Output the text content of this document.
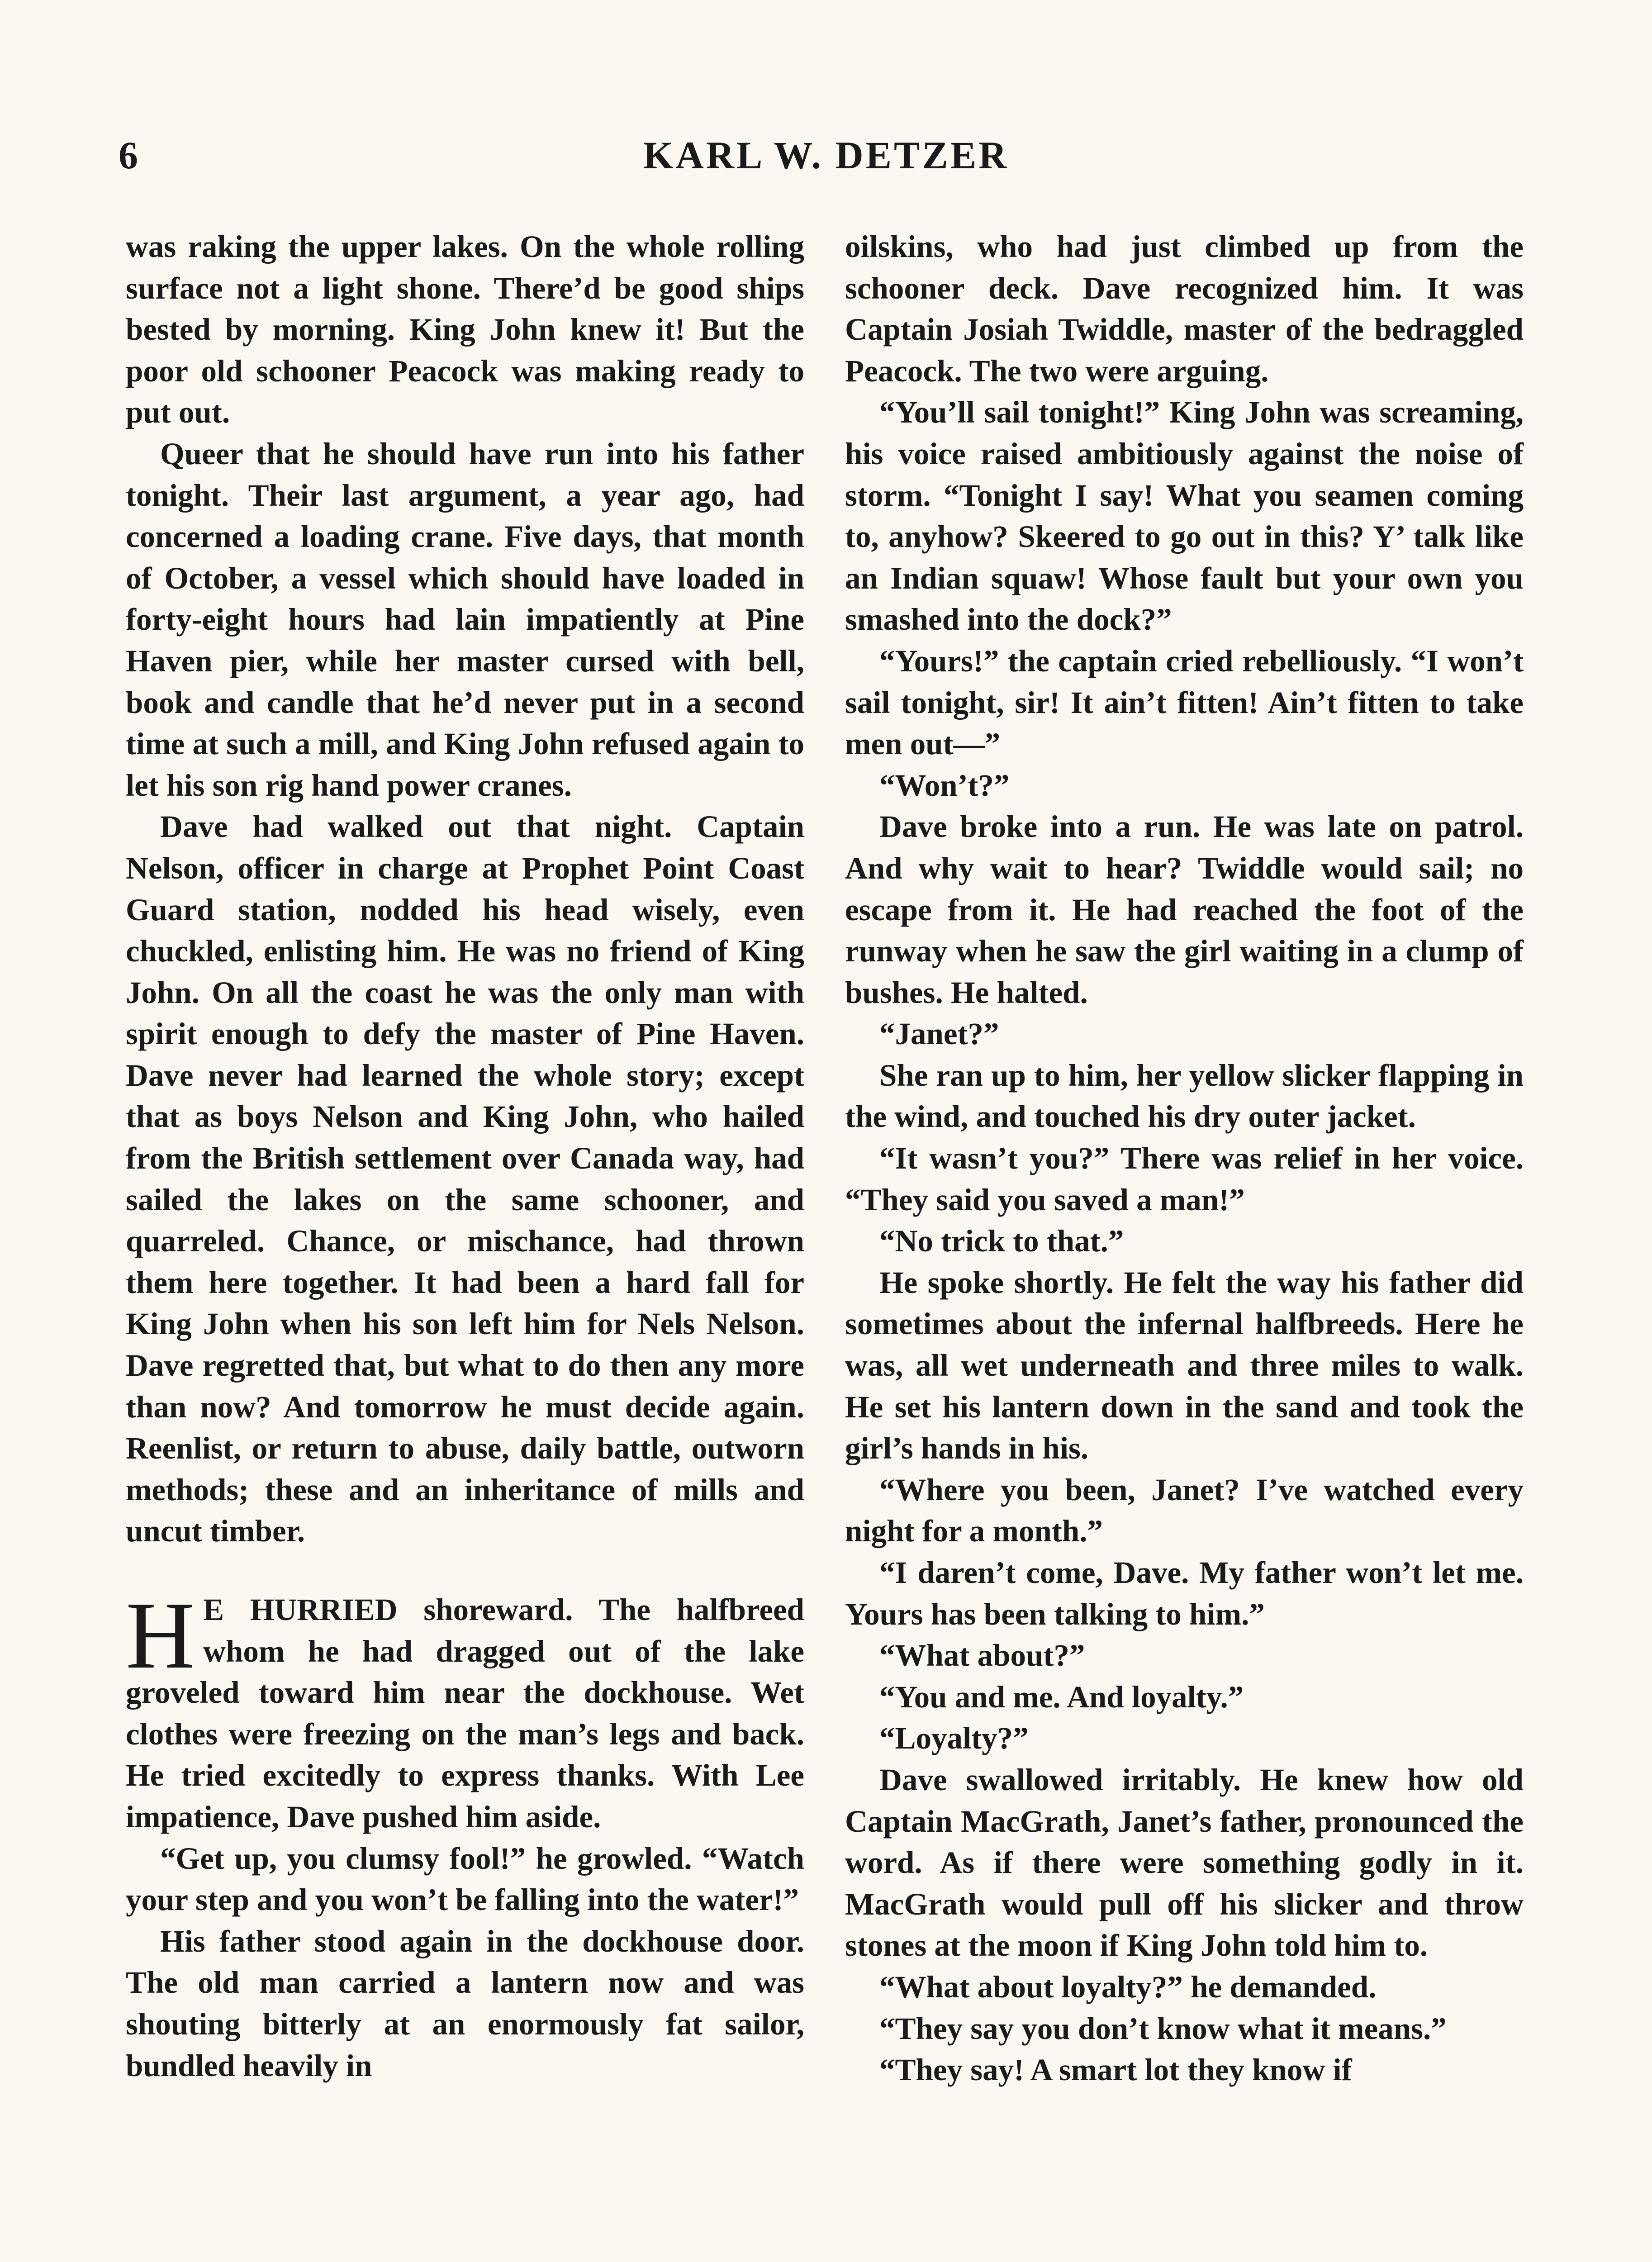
6	KARL W. DETZER

was raking the upper lakes. On the whole rolling surface not a light shone. There’d be good ships bested by morning. King John knew it! But the poor old schooner Peacock was making ready to put out.

Queer that he should have run into his father tonight. Their last argument, a year ago, had concerned a loading crane. Five days, that month of October, a vessel which should have loaded in forty-eight hours had lain impatiently at Pine Haven pier, while her master cursed with bell, book and candle that he’d never put in a second time at such a mill, and King John refused again to let his son rig hand power cranes.

Dave had walked out that night. Captain Nelson, officer in charge at Prophet Point Coast Guard station, nodded his head wisely, even chuckled, enlisting him. He was no friend of King John. On all the coast he was the only man with spirit enough to defy the master of Pine Haven. Dave never had learned the whole story; except that as boys Nelson and King John, who hailed from the British settlement over Canada way, had sailed the lakes on the same schooner, and quarreled. Chance, or mischance, had thrown them here together. It had been a hard fall for King John when his son left him for Nels Nelson. Dave regretted that, but what to do then any more than now? And tomorrow he must decide again. Reenlist, or return to abuse, daily battle, outworn methods; these and an inheritance of mills and uncut timber.

H E HURRIED shoreward. The halfbreed whom he had dragged out of the lake groveled toward him near the dockhouse. Wet clothes were freezing on the man’s legs and back. He tried excitedly to express thanks. With Lee impatience, Dave pushed him aside.

“Get up, you clumsy fool!” he growled. “Watch your step and you won’t be falling into the water!”

His father stood again in the dockhouse door. The old man carried a lantern now and was shouting bitterly at an enormously fat sailor, bundled heavily in

oilskins, who had just climbed up from the schooner deck. Dave recognized him. It was Captain Josiah Twiddle, master of the bedraggled Peacock. The two were arguing.

“You’ll sail tonight!” King John was screaming, his voice raised ambitiously against the noise of storm. “Tonight I say! What you seamen coming to, anyhow? Skeered to go out in this? Y’ talk like an Indian squaw! Whose fault but your own you smashed into the dock?”

“Yours!” the captain cried rebelliously. “I won’t sail tonight, sir! It ain’t fitten! Ain’t fitten to take men out—”

“Won’t?”

Dave broke into a run. He was late on patrol. And why wait to hear? Twiddle would sail; no escape from it. He had reached the foot of the runway when he saw the girl waiting in a clump of bushes. He halted.

“Janet?”

She ran up to him, her yellow slicker flapping in the wind, and touched his dry outer jacket.

“It wasn’t you?” There was relief in her voice. “They said you saved a man!”

“No trick to that.”

He spoke shortly. He felt the way his father did sometimes about the infernal halfbreeds. Here he was, all wet underneath and three miles to walk. He set his lantern down in the sand and took the girl’s hands in his.

“Where you been, Janet? I’ve watched every night for a month.”

“I daren’t come, Dave. My father won’t let me. Yours has been talking to him.”

“What about?”

“You and me. And loyalty.”

“Loyalty?”

Dave swallowed irritably. He knew how old Captain MacGrath, Janet’s father, pronounced the word. As if there were something godly in it. MacGrath would pull off his slicker and throw stones at the moon if King John told him to.

“What about loyalty?” he demanded.

“They say you don’t know what it means.”

“They say! A smart lot they know if
